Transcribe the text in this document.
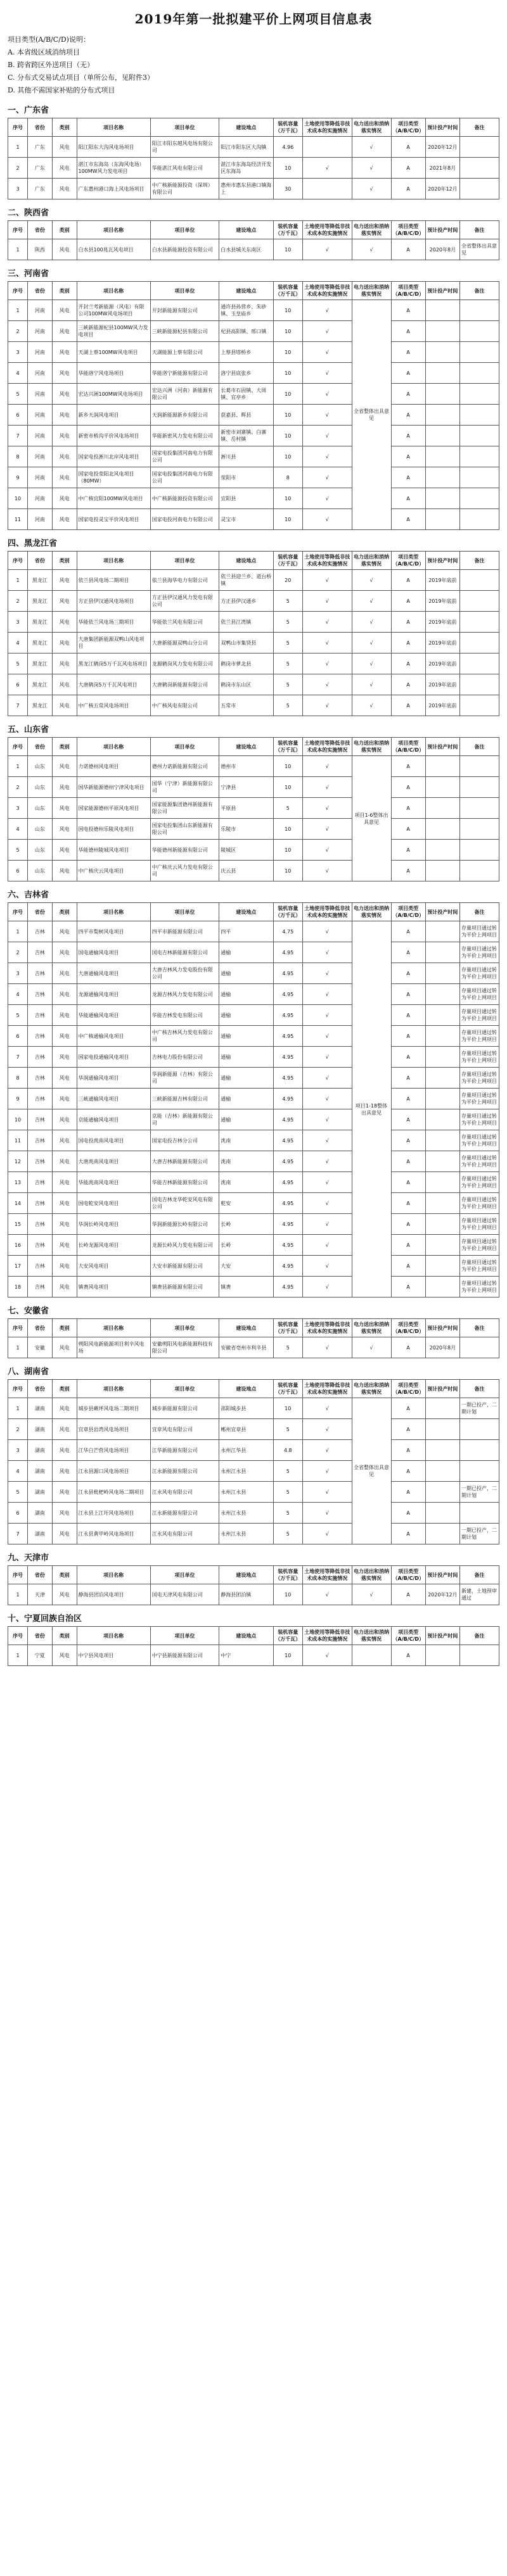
2019年第一批拟建平价上网项目信息表
项目类型(A/B/C/D)说明：
A. 本省级区域消纳项目
B. 跨省跨区外送项目（无）
C. 分布式交易试点项目（单所公布，见附件3）
D. 其他不需国家补贴的分布式项目
一、广东省
序号	省份	类别	项目名称	项目单位	建设地点	装机容量（万千瓦）	土地使用等降低非技术成本的实施情况	电力送出和消纳落实情况	项目类型（A/B/C/D）	预计投产时间	备注
1	广东	风电	阳江阳东大沟风电场项目	阳江市阳东越风电场有限公司	阳江市阳东区大沟镇	4.96		√	A	2020年12月	
2	广东	风电	湛江市东海岛（东海风电场）100MW风力发电项目	华能湛江风电有限公司	湛江市东海岛经济开发区东海岛	10	√	√	A	2021年8月	
3	广东	风电	广东惠州港口海上风电场项目	中广核新能源投资（深圳）有限公司	惠州市惠东县港口镇海上	30		√	A	2020年12月	
二、陕西省
序号	省份	类别	项目名称	项目单位	建设地点	装机容量（万千瓦）	土地使用等降低非技术成本的实施情况	电力送出和消纳落实情况	项目类型（A/B/C/D）	预计投产时间	备注
1	陕西	风电	白水县100兆瓦风电项目	白水县新能源投资有限公司	白水县城关东南区	10	√	√	A	2020年8月	全省整体出具意见
三、河南省
序号	省份	类别	项目名称	项目单位	建设地点	装机容量（万千瓦）	土地使用等降低非技术成本的实施情况	电力送出和消纳落实情况	项目类型（A/B/C/D）	预计投产时间	备注
1	河南	风电	开封兰考新能源（风电）有限公司100MW风电场项目	开封新能源有限公司	通许县孙营乡、朱砂镇、玉皇庙乡	10	√	全省整体出具意见	A		
2	河南	风电	三峡新能源杞县100MW风力发电项目	三峡新能源杞县有限公司	杞县高阳镇、邢口镇	10	√		A		
3	河南	风电	天湖上蔡100MW风电项目	天湖能源上蔡有限公司	上蔡县塔桥乡	10	√		A		
4	河南	风电	华能洛宁风电场项目	华能洛宁新能源有限公司	洛宁县底张乡	10	√		A		
5	河南	风电	宏达兴洲100MW风电场项目	宏达兴洲（河南）新能源有限公司	长葛市石固镇、大周镇、官亭乡	10	√		A		
6	河南	风电	新乡天润风电项目	天润新能源新乡有限公司	获嘉县、辉县	10	√		A		
7	河南	风电	新密市桥沟平价风电场项目	华能新密风力发电有限公司	新密市刘寨镇、白寨镇、岳村镇	10	√		A		
8	河南	风电	国家电投淅川北岸风电项目	国家电投集团河南电力有限公司	淅川县	10	√		A		
9	河南	风电	国家电投荥阳北风电项目（80MW）	国家电投集团河南电力有限公司	荥阳市	8	√		A		
10	河南	风电	中广核宜阳100MW风电项目	中广核新能源投资有限公司	宜阳县	10	√		A		
11	河南	风电	国家电投灵宝平价风电项目	国家电投河南电力有限公司	灵宝市	10	√		A		
四、黑龙江省
序号	省份	类别	项目名称	项目单位	建设地点	装机容量（万千瓦）	土地使用等降低非技术成本的实施情况	电力送出和消纳落实情况	项目类型（A/B/C/D）	预计投产时间	备注
1	黑龙江	风电	依兰县风电场二期项目	依兰县海华电力有限公司	依兰县迎兰乡、道台桥镇	20	√	√	A	2019年底前	
2	黑龙江	风电	方正县伊汉通风电场项目	方正县伊汉通风力发电有限公司	方正县伊汉通乡	5	√	√	A	2019年底前	
3	黑龙江	风电	华能依兰风电场三期项目	华能依兰风电有限公司	依兰县江湾镇	5	√	√	A	2019年底前	
4	黑龙江	风电	大唐集团新能源双鸭山风电项目	大唐新能源双鸭山分公司	双鸭山市集贤县	5	√	√	A	2019年底前	
5	黑龙江	风电	黑龙江鹤岗5万千瓦风电场项目	龙源鹤岗风力发电有限公司	鹤岗市萝北县	5	√	√	A	2019年底前	
6	黑龙江	风电	大唐鹤岗5万千瓦风电项目	大唐鹤岗新能源有限公司	鹤岗市东山区	5	√	√	A	2019年底前	
7	黑龙江	风电	中广核五常风电场项目	中广核风电有限公司	五常市	5	√	√	A	2019年底前	
五、山东省
序号	省份	类别	项目名称	项目单位	建设地点	装机容量（万千瓦）	土地使用等降低非技术成本的实施情况	电力送出和消纳落实情况	项目类型（A/B/C/D）	预计投产时间	备注
1	山东	风电	力诺德州风电项目	德州力诺新能源有限公司	德州市	10	√	项目1-6整体出具意见	A		
2	山东	风电	国华新能源德州宁津风电项目	国华（宁津）新能源有限公司	宁津县	10	√		A		
3	山东	风电	国家能源德州平原风电项目	国家能源集团德州新能源有限公司	平原县	5	√		A		
4	山东	风电	国电投德州乐陵风电项目	国家电投集团山东新能源有限公司	乐陵市	10	√		A		
5	山东	风电	华能德州陵城风电项目	华能德州新能源有限公司	陵城区	10	√		A		
6	山东	风电	中广核庆云风电项目	中广核庆云风力发电有限公司	庆云县	10	√		A		
六、吉林省
序号	省份	类别	项目名称	项目单位	建设地点	装机容量（万千瓦）	土地使用等降低非技术成本的实施情况	电力送出和消纳落实情况	项目类型（A/B/C/D）	预计投产时间	备注
1	吉林	风电	四平市梨树风电项目	四平市新能源有限公司	四平	4.75	√	项目1-18整体出具意见	A		存量项目通过转为平价上网项目
2	吉林	风电	国电通榆风电项目	国电吉林新能源有限公司	通榆	4.95	√		A		存量项目通过转为平价上网项目
3	吉林	风电	大唐通榆风电项目	大唐吉林风力发电股份有限公司	通榆	4.95	√		A		存量项目通过转为平价上网项目
4	吉林	风电	龙源通榆风电项目	龙源吉林风力发电有限公司	通榆	4.95	√		A		存量项目通过转为平价上网项目
5	吉林	风电	华能通榆风电项目	华能吉林发电有限公司	通榆	4.95	√		A		存量项目通过转为平价上网项目
6	吉林	风电	中广核通榆风电项目	中广核吉林风力发电有限公司	通榆	4.95	√		A		存量项目通过转为平价上网项目
7	吉林	风电	国家电投通榆风电项目	吉林电力股份有限公司	通榆	4.95	√		A		存量项目通过转为平价上网项目
8	吉林	风电	华润通榆风电项目	华润新能源（吉林）有限公司	通榆	4.95	√		A		存量项目通过转为平价上网项目
9	吉林	风电	三峡通榆风电项目	三峡新能源吉林有限公司	通榆	4.95	√		A		存量项目通过转为平价上网项目
10	吉林	风电	京能通榆风电项目	京能（吉林）新能源有限公司	通榆	4.95	√		A		存量项目通过转为平价上网项目
11	吉林	风电	国电投洮南风电项目	国家电投吉林分公司	洮南	4.95	√		A		存量项目通过转为平价上网项目
12	吉林	风电	大唐洮南风电项目	大唐吉林新能源有限公司	洮南	4.95	√		A		存量项目通过转为平价上网项目
13	吉林	风电	华能洮南风电项目	华能吉林新能源有限公司	洮南	4.95	√		A		存量项目通过转为平价上网项目
14	吉林	风电	国电乾安风电项目	国电吉林龙华乾安风电有限公司	乾安	4.95	√		A		存量项目通过转为平价上网项目
15	吉林	风电	华润长岭风电项目	华润新能源长岭有限公司	长岭	4.95	√		A		存量项目通过转为平价上网项目
16	吉林	风电	长岭龙源风电项目	龙源长岭风力发电有限公司	长岭	4.95	√		A		存量项目通过转为平价上网项目
17	吉林	风电	大安风电项目	大安市新能源有限公司	大安	4.95	√		A		存量项目通过转为平价上网项目
18	吉林	风电	镇赉风电项目	镇赉县新能源有限公司	镇赉	4.95	√		A		存量项目通过转为平价上网项目
七、安徽省
序号	省份	类别	项目名称	项目单位	建设地点	装机容量（万千瓦）	土地使用等降低非技术成本的实施情况	电力送出和消纳落实情况	项目类型（A/B/C/D）	预计投产时间	备注
1	安徽	风电	朔阳风电新能源项目利辛风电场	安徽朔阳风电新能源科技有限公司	安徽省亳州市利辛县	5	√	√	A	2020年8月	
八、湖南省
序号	省份	类别	项目名称	项目单位	建设地点	装机容量（万千瓦）	土地使用等降低非技术成本的实施情况	电力送出和消纳落实情况	项目类型（A/B/C/D）	预计投产时间	备注
1	湖南	风电	城步县蕨坪风电场二期项目	城步新能源有限公司	邵阳城步县	10	√	全省整体出具意见	A		一期已投产，二期计划
2	湖南	风电	宜章县岩湾风电场项目	宜章风电有限公司	郴州宜章县	5	√		A		
3	湖南	风电	江华白芒营风电场项目	江华新能源有限公司	永州江华县	4.8	√		A		
4	湖南	风电	江永县源口风电场项目	江永新能源有限公司	永州江永县	5	√		A		
5	湖南	风电	江永县枇杷岭风电场二期项目	江永风电有限公司	永州江永县	5	√		A		一期已投产，二期计划
6	湖南	风电	江永县上江圩风电场项目	江永新能源有限公司	永州江永县	5	√		A		
7	湖南	风电	江永县黄甲岭风电场项目	江永风电有限公司	永州江永县	5	√		A		一期已投产，二期计划
九、天津市
序号	省份	类别	项目名称	项目单位	建设地点	装机容量（万千瓦）	土地使用等降低非技术成本的实施情况	电力送出和消纳落实情况	项目类型（A/B/C/D）	预计投产时间	备注
1	天津	风电	静海县团泊风电项目	国电天津风电有限公司	静海县团泊镇	10	√	√	A	2020年12月	新建，土地预审通过
十、宁夏回族自治区
序号	省份	类别	项目名称	项目单位	建设地点	装机容量（万千瓦）	土地使用等降低非技术成本的实施情况	电力送出和消纳落实情况	项目类型（A/B/C/D）	预计投产时间	备注
1	宁夏	风电	中宁县风电项目	中宁县新能源有限公司	中宁	10	√		A		
